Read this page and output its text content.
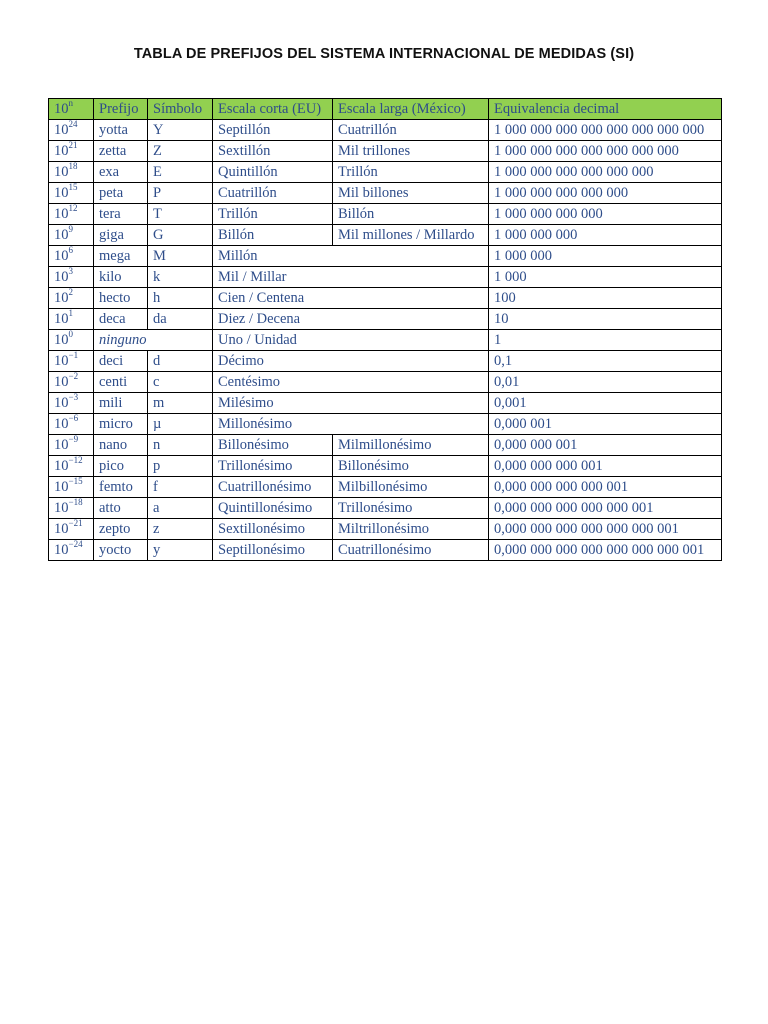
TABLA DE PREFIJOS DEL SISTEMA INTERNACIONAL DE MEDIDAS (SI)
10$^n$	Prefijo	Símbolo	Escala corta (EU)	Escala larga (México)	Equivalencia decimal
$10^{24}$	yotta	Y	Septillón	Cuatrillón	1 000 000 000 000 000 000 000 000
$10^{21}$	zetta	Z	Sextillón	Mil trillones	1 000 000 000 000 000 000 000
$10^{18}$	exa	E	Quintillón	Trillón	1 000 000 000 000 000 000
$10^{15}$	peta	P	Cuatrillón	Mil billones	1 000 000 000 000 000
$10^{12}$	tera	T	Trillón	Billón	1 000 000 000 000
$10^9$	giga	G	Billón	Mil millones / Millardo	1 000 000 000
$10^6$	mega	M	Millón		1 000 000
$10^3$	kilo	k	Mil / Millar		1 000
$10^2$	hecto	h	Cien / Centena		100
$10^1$	deca	da	Diez / Decena		10
$10^0$	ninguno		Uno / Unidad		1
$10^{-1}$	deci	d	Décimo		0,1
$10^{-2}$	centi	c	Centésimo		0,01
$10^{-3}$	mili	m	Milésimo		0,001
$10^{-6}$	micro	µ	Millonésimo		0,000 001
$10^{-9}$	nano	n	Billonésimo	Milmillonésimo	0,000 000 001
$10^{-12}$	pico	p	Trillonésimo	Billonésimo	0,000 000 000 001
$10^{-15}$	femto	f	Cuatrillonésimo	Milbillonésimo	0,000 000 000 000 001
$10^{-18}$	atto	a	Quintillonésimo	Trillonésimo	0,000 000 000 000 000 001
$10^{-21}$	zepto	z	Sextillonésimo	Miltrillonésimo	0,000 000 000 000 000 000 001
$10^{-24}$	yocto	y	Septillonésimo	Cuatrillonésimo	0,000 000 000 000 000 000 000 001
